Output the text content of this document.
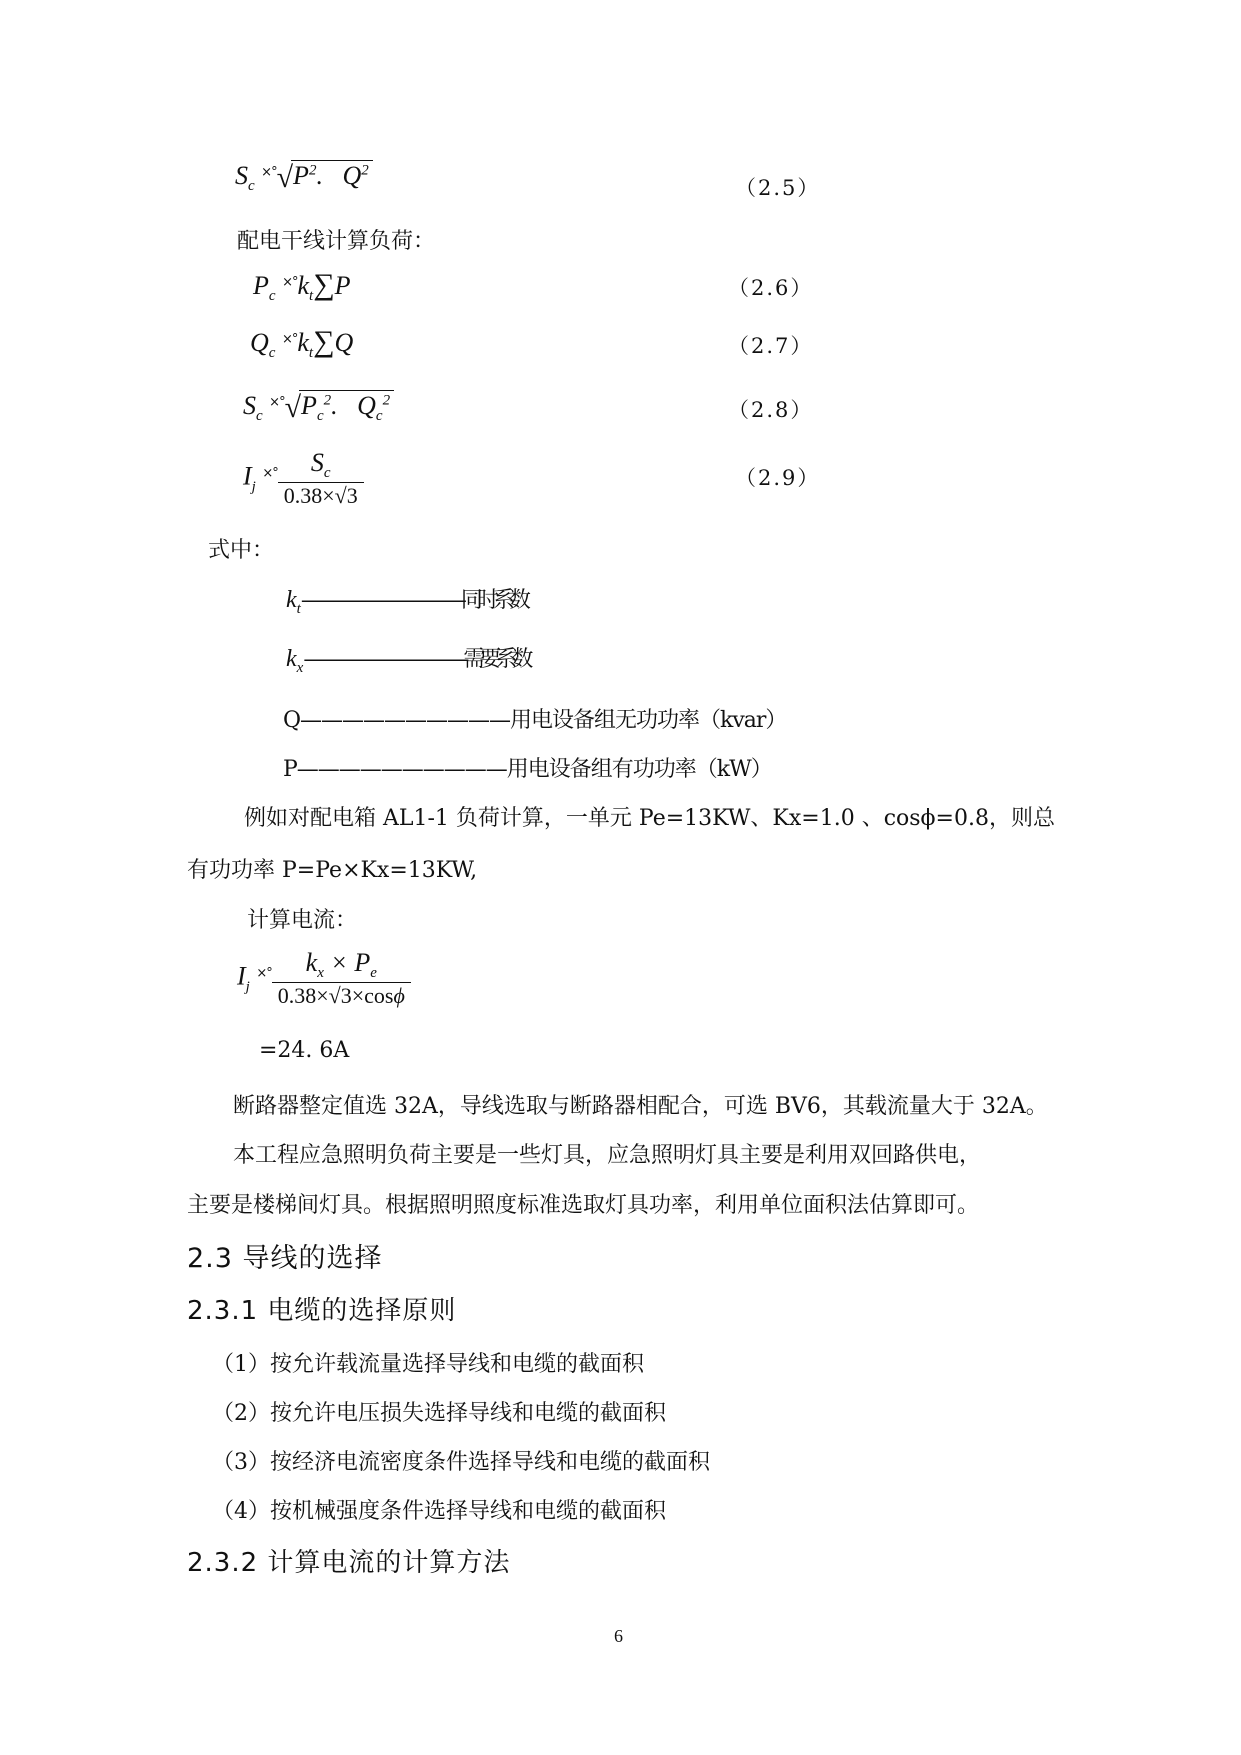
$S_c$ $^{\times^\circ}√P^2$.   $Q^2$
（2.5）
配电干线计算负荷：
$P_c$ $^{\times^\circ}k_t\sum P$	（2.6）
$Q_c$ $^{\times^\circ}k_t\sum Q$	（2.7）
$S_c$ $^{\times^\circ}√P_c^2$.   $Q_c^2$	（2.8）
$I_j$ $^{\times^\circ} \frac{S_c}{0.38\times√3}$	（2.9）
式中：
$k_t——————————$同时系数
$k_x——————————$需要系数
Q——————————用电设备组无功功率（kvar）
P——————————用电设备组有功功率（kW）
例如对配电箱 AL1-1 负荷计算，一单元 Pe=13KW、Kx=1.0 、cosϕ=0.8，则总
有功功率 P=Pe×Kx=13KW,
计算电流：
$I_j$ $^{\times^\circ} \frac{k_x \times P_e}{0.38\times√3\times\cos\phi}$
=24. 6A
断路器整定值选 32A，导线选取与断路器相配合，可选 BV6，其载流量大于 32A。
本工程应急照明负荷主要是一些灯具，应急照明灯具主要是利用双回路供电，
主要是楼梯间灯具。根据照明照度标准选取灯具功率，利用单位面积法估算即可。
2.3 导线的选择
2.3.1 电缆的选择原则
（1）按允许载流量选择导线和电缆的截面积
（2）按允许电压损失选择导线和电缆的截面积
（3）按经济电流密度条件选择导线和电缆的截面积
（4）按机械强度条件选择导线和电缆的截面积
2.3.2 计算电流的计算方法
6
